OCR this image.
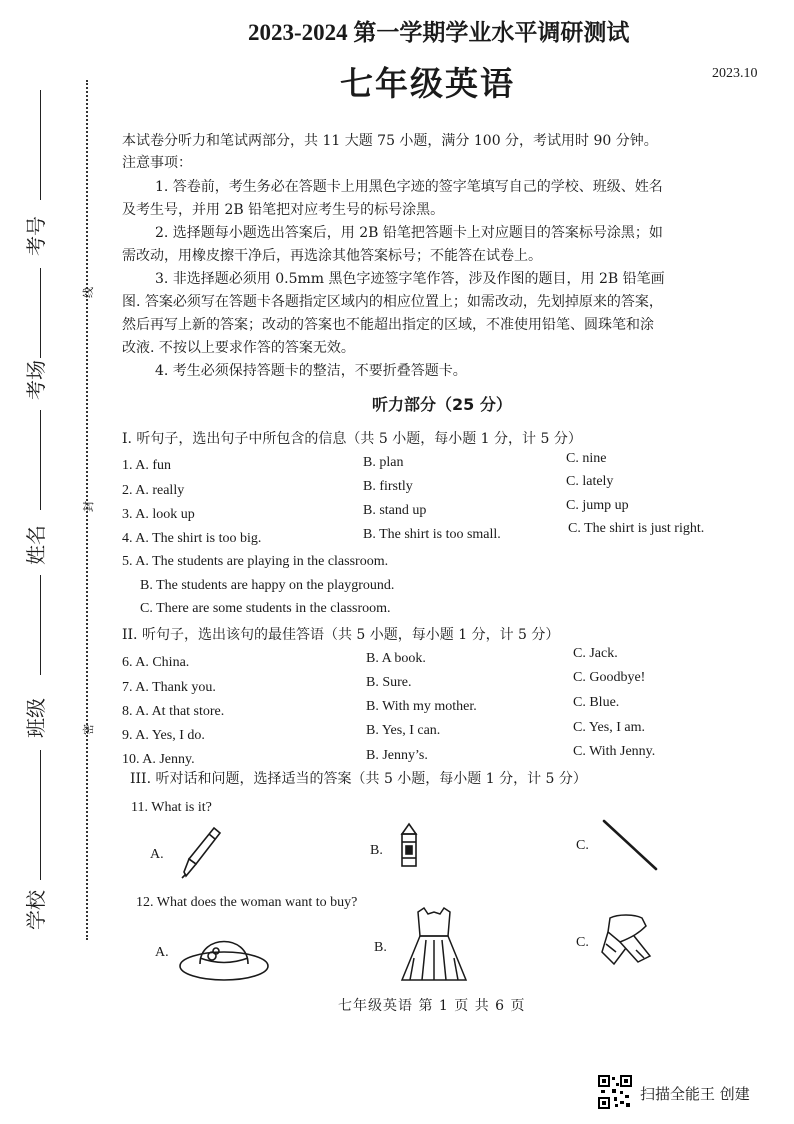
2023-2024 第一学期学业水平调研测试
七年级英语	2023.10
考号
考场
姓名
班级
学校
线
封
密
本试卷分听力和笔试两部分，共 11 大题 75 小题，满分 100 分，考试用时 90 分钟。
注意事项：
1. 答卷前，考生务必在答题卡上用黑色字迹的签字笔填写自己的学校、班级、姓名
及考生号，并用 2B 铅笔把对应考生号的标号涂黑。
2. 选择题每小题选出答案后，用 2B 铅笔把答题卡上对应题目的答案标号涂黑；如
需改动，用橡皮擦干净后，再选涂其他答案标号；不能答在试卷上。
3. 非选择题必须用 0.5mm 黑色字迹签字笔作答，涉及作图的题目，用 2B 铅笔画
图. 答案必须写在答题卡各题指定区域内的相应位置上；如需改动，先划掉原来的答案，
然后再写上新的答案；改动的答案也不能超出指定的区域，不准使用铅笔、圆珠笔和涂
改液. 不按以上要求作答的答案无效。
4. 考生必须保持答题卡的整洁，不要折叠答题卡。
听力部分（25 分）
I. 听句子，选出句子中所包含的信息（共 5 小题，每小题 1 分，计 5 分）
1. A. fun	B. plan	C. nine
2. A. really	B. firstly	C. lately
3. A. look up	B. stand up	C. jump up
4. A. The shirt is too big.	B. The shirt is too small.	C. The shirt is just right.
5. A. The students are playing in the classroom.
B. The students are happy on the playground.
C. There are some students in the classroom.
II. 听句子，选出该句的最佳答语（共 5 小题，每小题 1 分，计 5 分）
6. A. China.	B. A book.	C. Jack.
7. A. Thank you.	B. Sure.	C. Goodbye!
8. A. At that store.	B. With my mother.	C. Blue.
9. A. Yes, I do.	B. Yes, I can.	C. Yes, I am.
10. A. Jenny.	B. Jenny’s.	C. With Jenny.
III. 听对话和问题，选择适当的答案（共 5 小题，每小题 1 分，计 5 分）
11. What is it?
A.	B.	C.
12. What does the woman want to buy?
A.	B.	C.
七年级英语 第 1 页 共 6 页
扫描全能王 创建
